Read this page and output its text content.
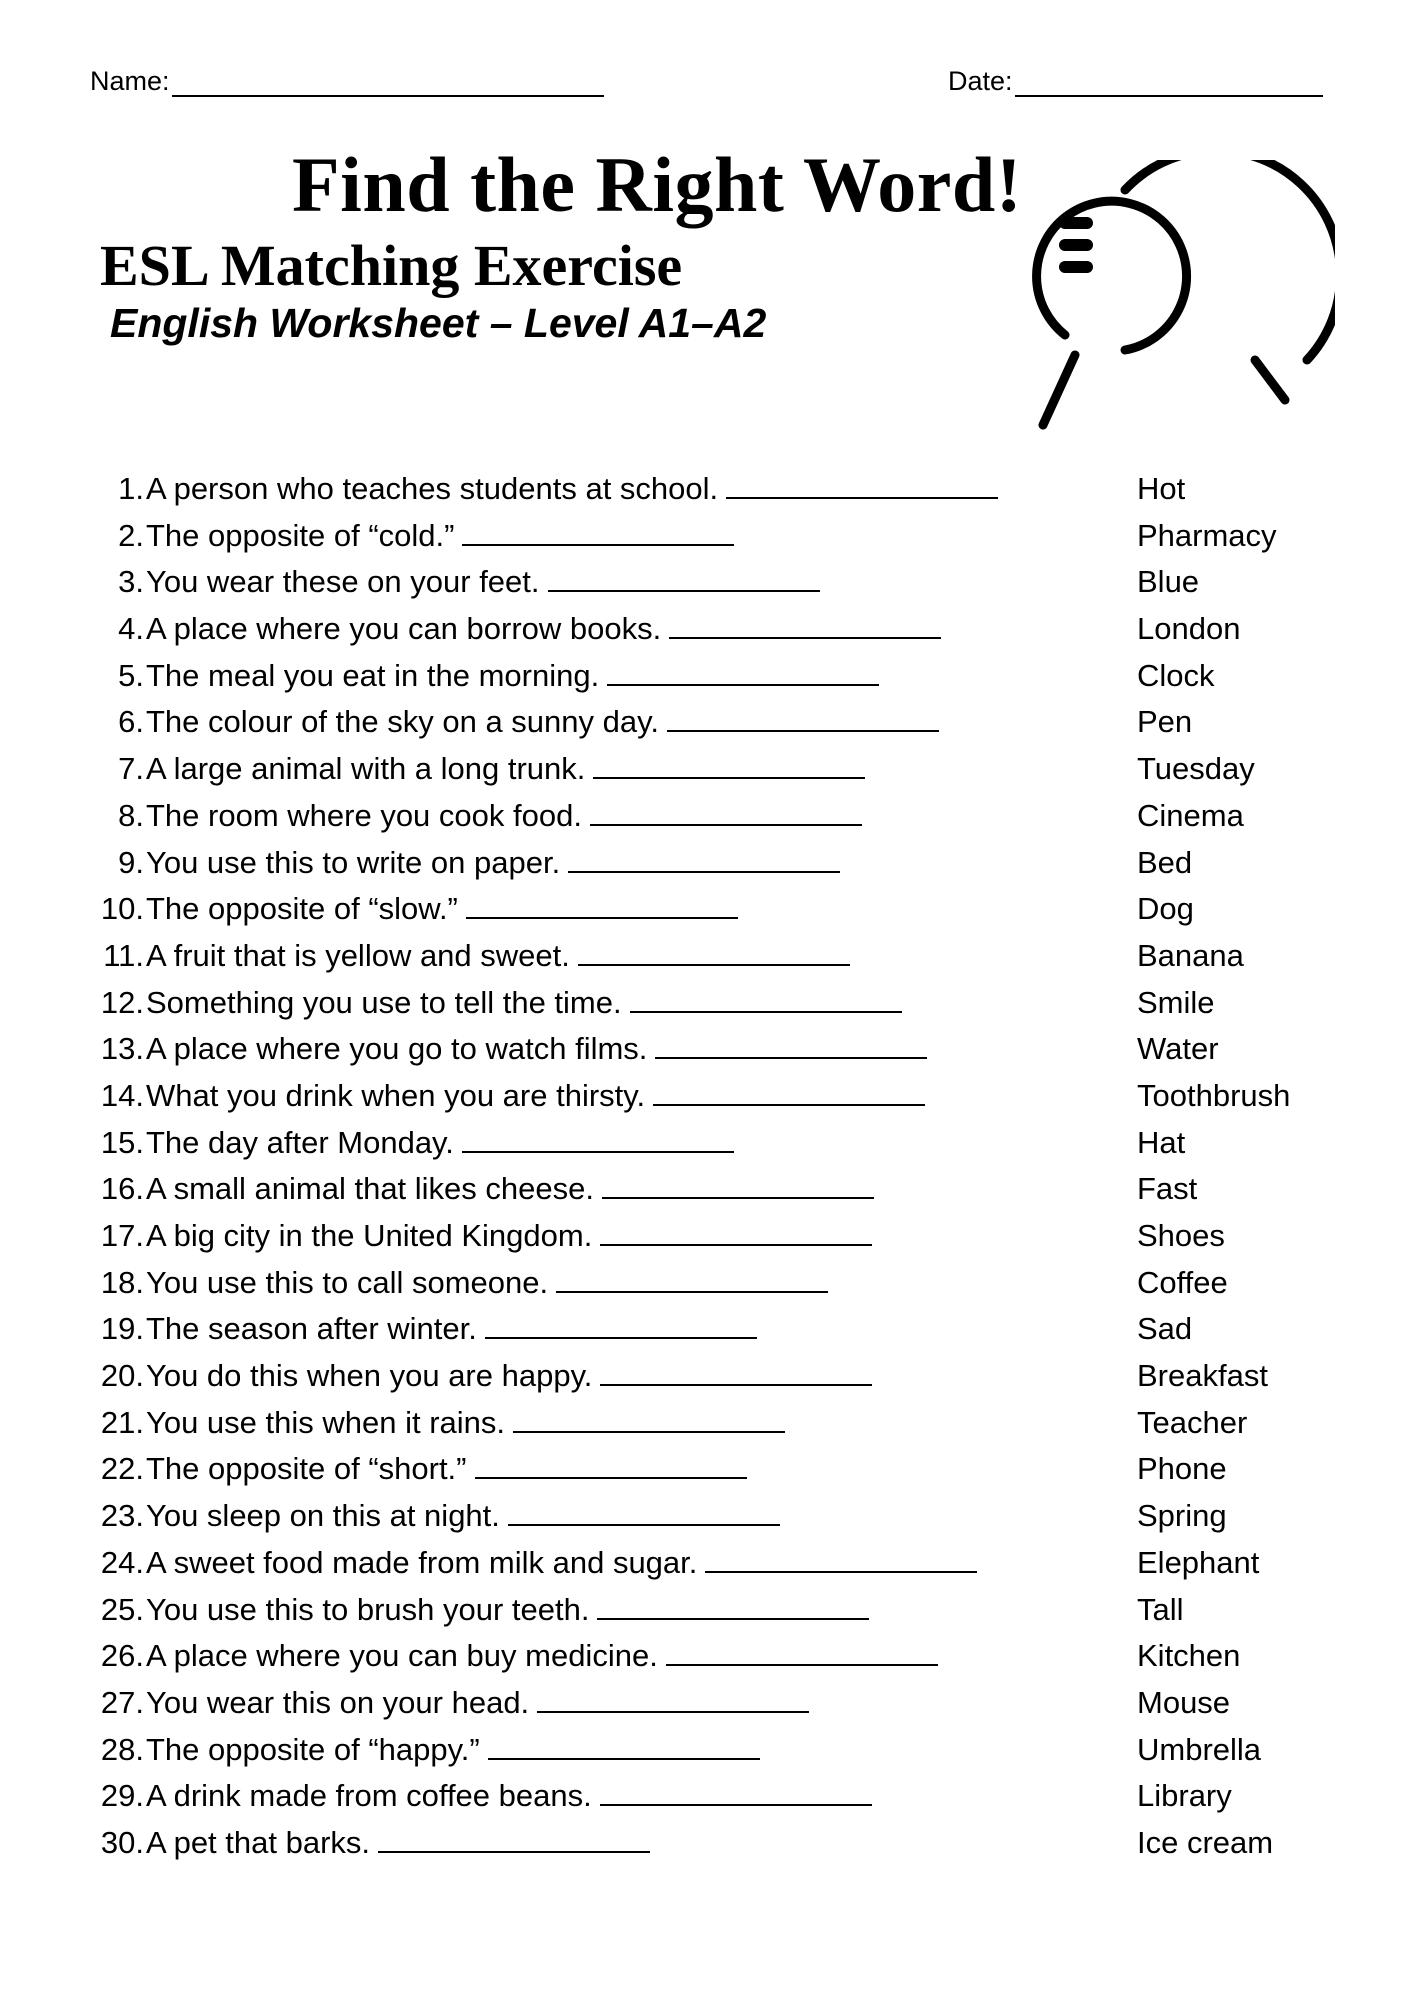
Name:	Date:
Find the Right Word!
ESL Matching Exercise
English Worksheet – Level A1–A2
1. A person who teaches students at school.	Hot
2. The opposite of “cold.”	Pharmacy
3. You wear these on your feet.	Blue
4. A place where you can borrow books.	London
5. The meal you eat in the morning.	Clock
6. The colour of the sky on a sunny day.	Pen
7. A large animal with a long trunk.	Tuesday
8. The room where you cook food.	Cinema
9. You use this to write on paper.	Bed
10. The opposite of “slow.”	Dog
11. A fruit that is yellow and sweet.	Banana
12. Something you use to tell the time.	Smile
13. A place where you go to watch films.	Water
14. What you drink when you are thirsty.	Toothbrush
15. The day after Monday.	Hat
16. A small animal that likes cheese.	Fast
17. A big city in the United Kingdom.	Shoes
18. You use this to call someone.	Coffee
19. The season after winter.	Sad
20. You do this when you are happy.	Breakfast
21. You use this when it rains.	Teacher
22. The opposite of “short.”	Phone
23. You sleep on this at night.	Spring
24. A sweet food made from milk and sugar.	Elephant
25. You use this to brush your teeth.	Tall
26. A place where you can buy medicine.	Kitchen
27. You wear this on your head.	Mouse
28. The opposite of “happy.”	Umbrella
29. A drink made from coffee beans.	Library
30. A pet that barks.	Ice cream
